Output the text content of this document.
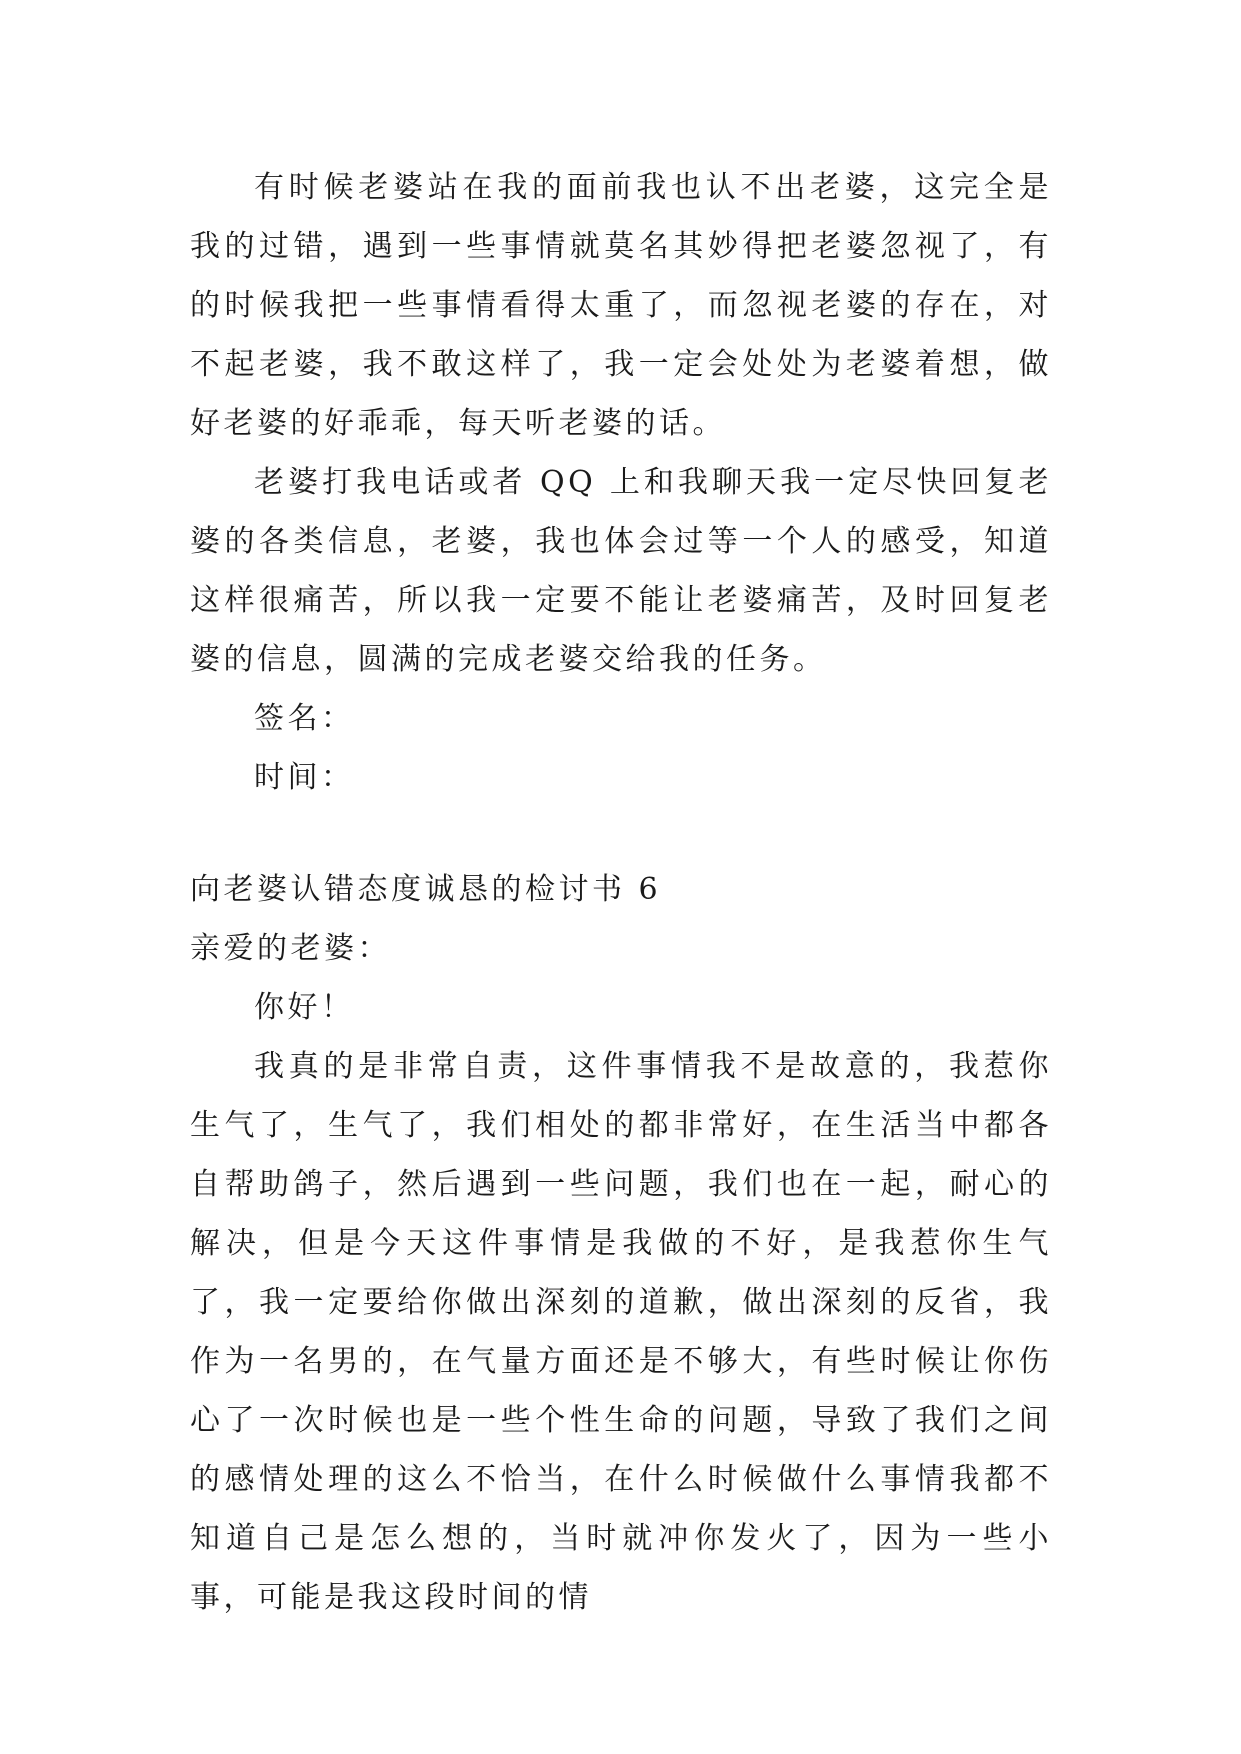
有时候老婆站在我的面前我也认不出老婆，这完全是我的过错，遇到一些事情就莫名其妙得把老婆忽视了，有的时候我把一些事情看得太重了，而忽视老婆的存在，对不起老婆，我不敢这样了，我一定会处处为老婆着想，做好老婆的好乖乖，每天听老婆的话。

老婆打我电话或者 QQ 上和我聊天我一定尽快回复老婆的各类信息，老婆，我也体会过等一个人的感受，知道这样很痛苦，所以我一定要不能让老婆痛苦，及时回复老婆的信息，圆满的完成老婆交给我的任务。

签名：

时间：

向老婆认错态度诚恳的检讨书 6

亲爱的老婆：

你好！

我真的是非常自责，这件事情我不是故意的，我惹你生气了，生气了，我们相处的都非常好，在生活当中都各自帮助鸽子，然后遇到一些问题，我们也在一起，耐心的解决，但是今天这件事情是我做的不好，是我惹你生气了，我一定要给你做出深刻的道歉，做出深刻的反省，我作为一名男的，在气量方面还是不够大，有些时候让你伤心了一次时候也是一些个性生命的问题，导致了我们之间的感情处理的这么不恰当，在什么时候做什么事情我都不知道自己是怎么想的，当时就冲你发火了，因为一些小事，可能是我这段时间的情
